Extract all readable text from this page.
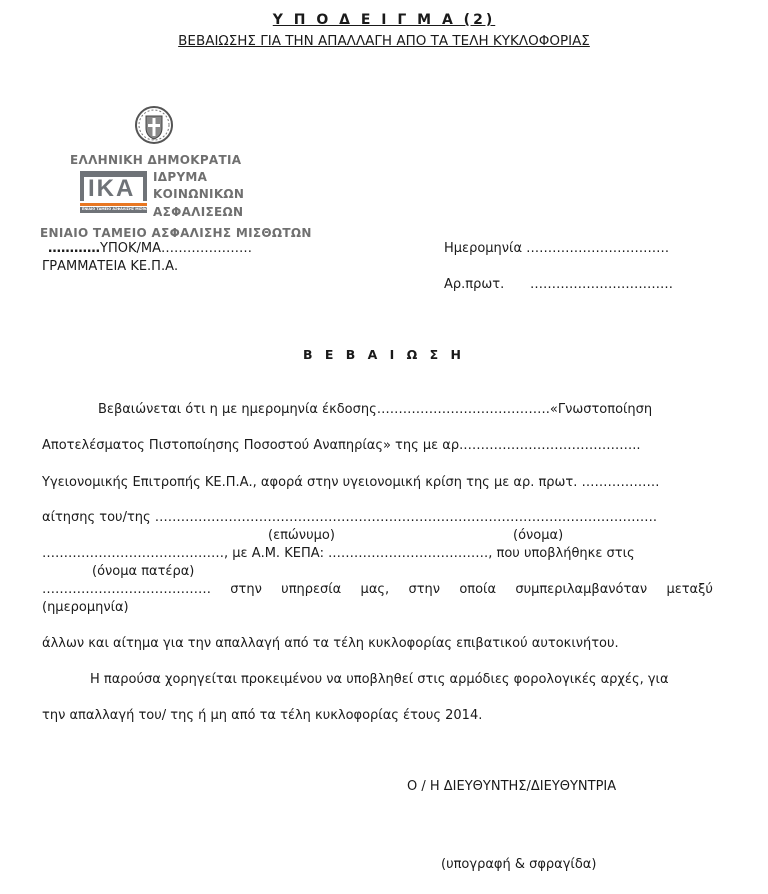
Υ Π Ο Δ Ε Ι Γ Μ Α (2)
ΒΕΒΑΙΩΣΗΣ ΓΙΑ ΤΗΝ ΑΠΑΛΛΑΓΗ ΑΠΟ ΤΑ ΤΕΛΗ ΚΥΚΛΟΦΟΡΙΑΣ
ΕΛΛΗΝΙΚΗ ΔΗΜΟΚΡΑΤΙΑ
ΙΚΑ
ΕΝΙΑΙΟ ΤΑΜΕΙΟ ΑΣΦΑΛΙΣΗΣ ΜΙΣΘΩΤΩΝ
ΙΔΡΥΜΑ
ΚΟΙΝΩΝΙΚΩΝ
ΑΣΦΑΛΙΣΕΩΝ
ΕΝΙΑΙΟ ΤΑΜΕΙΟ ΑΣΦΑΛΙΣΗΣ ΜΙΣΘΩΤΩΝ
…………ΥΠΟΚ/ΜΑ…………………
ΓΡΑΜΜΑΤΕΙΑ ΚΕ.Π.Α.
Ημερομηνία ……………………………
Αρ.πρωτ. ……………………………
Β Ε Β Α Ι Ω Σ Η
Βεβαιώνεται ότι η με ημερομηνία έκδοσης………………………………….«Γνωστοποίηση
Αποτελέσματος Πιστοποίησης Ποσοστού Αναπηρίας» της με αρ.…………………………………..
Υγειονομικής Επιτροπής ΚΕ.Π.Α., αφορά στην υγειονομική κρίση της με αρ. πρωτ. ………………
αίτησης του/της ………………………………………………………………………………….………………….
(επώνυμο)	(όνομα)
……………………………………, με Α.Μ. ΚΕΠΑ: .………………………………, που υποβλήθηκε στις
(όνομα πατέρα)
………………………………… στην υπηρεσία μας, στην οποία συμπεριλαμβανόταν μεταξύ
(ημερομηνία)
άλλων και αίτημα για την απαλλαγή από τα τέλη κυκλοφορίας επιβατικού αυτοκινήτου.
Η παρούσα χορηγείται προκειμένου να υποβληθεί στις αρμόδιες φορολογικές αρχές, για
την απαλλαγή του/ της ή μη από τα τέλη κυκλοφορίας έτους 2014.
Ο / Η ΔΙΕΥΘΥΝΤΗΣ/ΔΙΕΥΘΥΝΤΡΙΑ
(υπογραφή & σφραγίδα)
